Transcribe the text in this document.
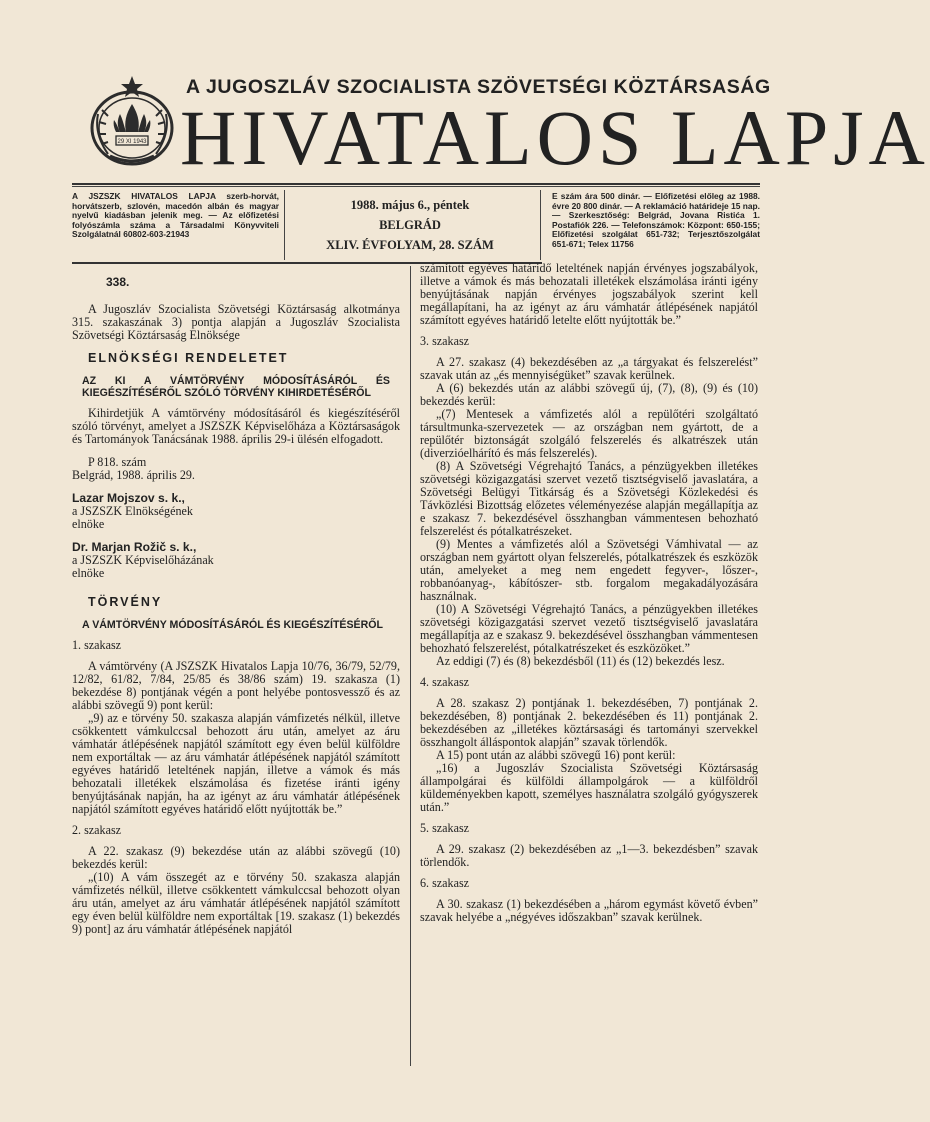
29 XI 1943
A JUGOSZLÁV SZOCIALISTA SZÖVETSÉGI KÖZTÁRSASÁG
HIVATALOS LAPJA
A JSZSZK HIVATALOS LAPJA szerb-horvát, horvátszerb, szlovén, macedón albán és magyar nyelvű kiadásban jelenik meg. — Az előfizetési folyószámla száma a Társadalmi Könyvviteli Szolgálatnál 60802-603-21943
1988. május 6., péntek
BELGRÁD
XLIV. ÉVFOLYAM, 28. SZÁM
E szám ára 500 dinár. — Előfizetési előleg az 1988. évre 20 800 dinár. — A reklamáció határideje 15 nap. — Szerkesztőség: Belgrád, Jovana Ristića 1. Postafiók 226. — Telefonszámok: Központ: 650-155; Előfizetési szolgálat 651-732; Terjesztőszolgálat 651-671; Telex 11756

338.

A Jugoszláv Szocialista Szövetségi Köztársaság alkotmánya 315. szakaszának 3) pontja alapján a Jugoszláv Szocialista Szövetségi Köztársaság Elnöksége

ELNÖKSÉGI RENDELETET

AZ KI A VÁMTÖRVÉNY MÓDOSÍTÁSÁRÓL ÉS KIEGÉSZÍTÉSÉRŐL SZÓLÓ TÖRVÉNY KIHIRDETÉSÉRŐL

Kihirdetjük A vámtörvény módosításáról és kiegészítéséről szóló törvényt, amelyet a JSZSZK Képviselőháza a Köztársaságok és Tartományok Tanácsának 1988. április 29-i ülésén elfogadott.

P 818. szám

Belgrád, 1988. április 29.

Lazar Mojszov s. k.,
a JSZSZK Elnökségének
elnöke

Dr. Marjan Rožič s. k.,
a JSZSZK Képviselőházának
elnöke

TÖRVÉNY

A VÁMTÖRVÉNY MÓDOSÍTÁSÁRÓL ÉS KIEGÉSZÍTÉSÉRŐL

1. szakasz

A vámtörvény (A JSZSZK Hivatalos Lapja 10/76, 36/79, 52/79, 12/82, 61/82, 7/84, 25/85 és 38/86 szám) 19. szakasza (1) bekezdése 8) pontjának végén a pont helyébe pontosvessző és az alábbi szövegű 9) pont kerül:

„9) az e törvény 50. szakasza alapján vámfizetés nélkül, illetve csökkentett vámkulccsal behozott áru után, amelyet az áru vámhatár átlépésének napjától számított egy éven belül külföldre nem exportáltak — az áru vámhatár átlépésének napjától számított egyéves határidő leteltének napján, illetve a vámok és más behozatali illetékek elszámolása és fizetése iránti igény benyújtásának napján, ha az igényt az áru vámhatár átlépésének napjától számított egyéves határidő előtt nyújtották be.”

2. szakasz

A 22. szakasz (9) bekezdése után az alábbi szövegű (10) bekezdés kerül:

„(10) A vám összegét az e törvény 50. szakasza alapján vámfizetés nélkül, illetve csökkentett vámkulccsal behozott olyan áru után, amelyet az áru vámhatár átlépésének napjától számított egy éven belül külföldre nem exportáltak [19. szakasz (1) bekezdés 9) pont] az áru vámhatár átlépésének napjától

számított egyéves határidő leteltének napján érvényes jogszabályok, illetve a vámok és más behozatali illetékek elszámolása iránti igény benyújtásának napján érvényes jogszabályok szerint kell megállapítani, ha az igényt az áru vámhatár átlépésének napjától számított egyéves határidő letelte előtt nyújtották be.”

3. szakasz

A 27. szakasz (4) bekezdésében az „a tárgyakat és felszerelést” szavak után az „és mennyiségüket” szavak kerülnek.

A (6) bekezdés után az alábbi szövegű új, (7), (8), (9) és (10) bekezdés kerül:

„(7) Mentesek a vámfizetés alól a repülőtéri szolgáltató társultmunka-szervezetek — az országban nem gyártott, de a repülőtér biztonságát szolgáló felszerelés és alkatrészek után (diverzióelhárító és más felszerelés).

(8) A Szövetségi Végrehajtó Tanács, a pénzügyekben illetékes szövetségi közigazgatási szervet vezető tisztségviselő javaslatára, a Szövetségi Belügyi Titkárság és a Szövetségi Közlekedési és Távközlési Bizottság előzetes véleményezése alapján megállapítja az e szakasz 7. bekezdésével összhangban vámmentesen behozható felszerelést és pótalkatrészeket.

(9) Mentes a vámfizetés alól a Szövetségi Vámhivatal — az országban nem gyártott olyan felszerelés, pótalkatrészek és eszközök után, amelyeket a meg nem engedett fegyver-, lőszer-, robbanóanyag-, kábítószer- stb. forgalom megakadályozására használnak.

(10) A Szövetségi Végrehajtó Tanács, a pénzügyekben illetékes szövetségi közigazgatási szervet vezető tisztségviselő javaslatára megállapítja az e szakasz 9. bekezdésével összhangban vámmentesen behozható felszerelést, pótalkatrészeket és eszközöket.”

Az eddigi (7) és (8) bekezdésből (11) és (12) bekezdés lesz.

4. szakasz

A 28. szakasz 2) pontjának 1. bekezdésében, 7) pontjának 2. bekezdésében, 8) pontjának 2. bekezdésében és 11) pontjának 2. bekezdésében az „illetékes köztársasági és tartományi szervekkel összhangolt álláspontok alapján” szavak törlendők.

A 15) pont után az alábbi szövegű 16) pont kerül:

„16) a Jugoszláv Szocialista Szövetségi Köztársaság állampolgárai és külföldi állampolgárok — a külföldről küldeményekben kapott, személyes használatra szolgáló gyógyszerek után.”

5. szakasz

A 29. szakasz (2) bekezdésében az „1—3. bekezdésben” szavak törlendők.

6. szakasz

A 30. szakasz (1) bekezdésében a „három egymást követő évben” szavak helyébe a „négyéves időszakban” szavak kerülnek.
